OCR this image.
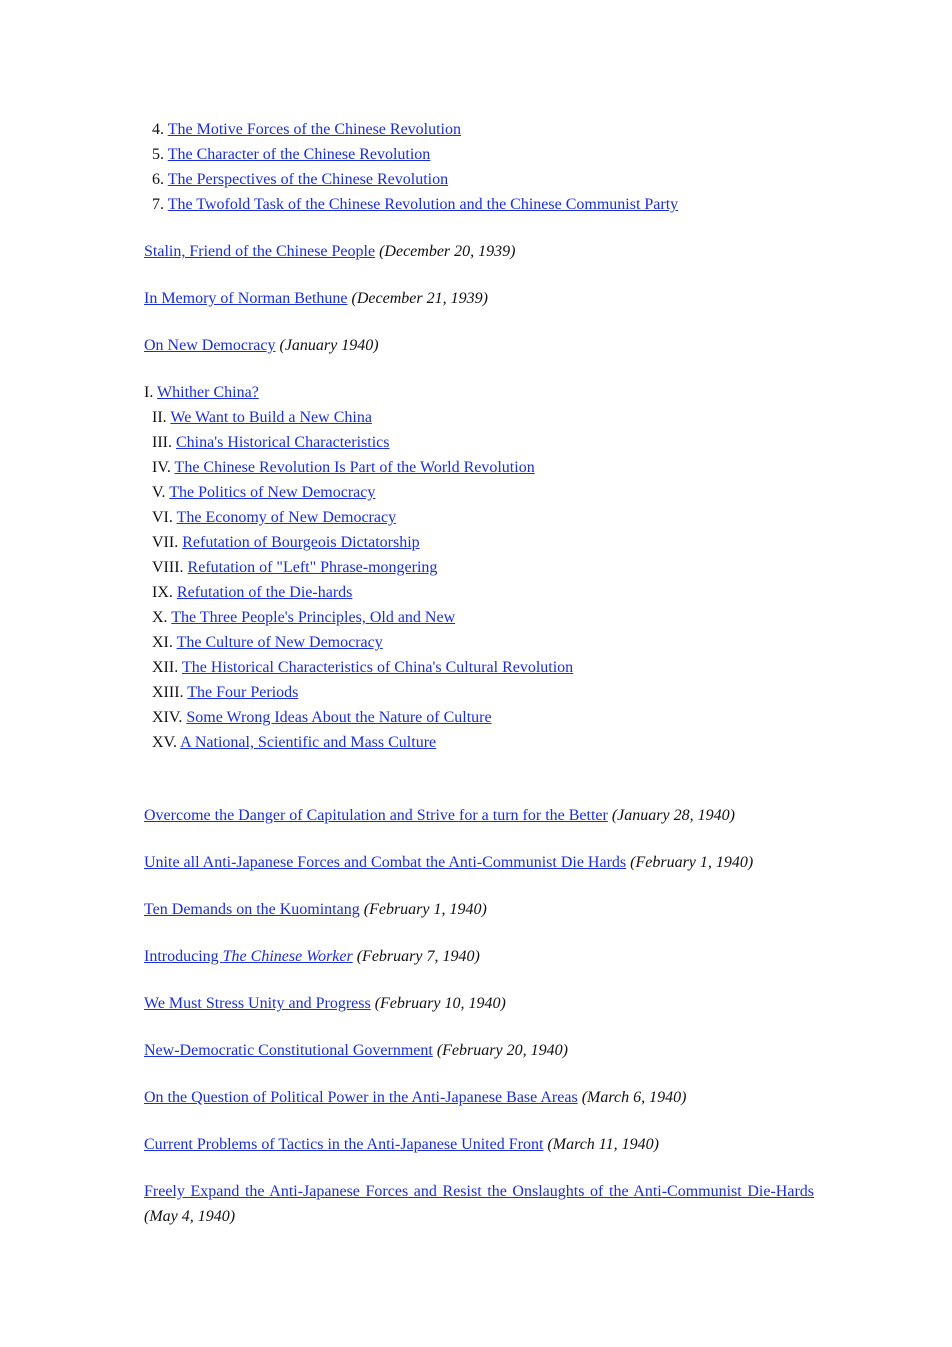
4. The Motive Forces of the Chinese Revolution
5. The Character of the Chinese Revolution
6. The Perspectives of the Chinese Revolution
7. The Twofold Task of the Chinese Revolution and the Chinese Communist Party

Stalin, Friend of the Chinese People (December 20, 1939)

In Memory of Norman Bethune (December 21, 1939)

On New Democracy (January 1940)

I. Whither China?
II. We Want to Build a New China
III. China's Historical Characteristics
IV. The Chinese Revolution Is Part of the World Revolution
V. The Politics of New Democracy
VI. The Economy of New Democracy
VII. Refutation of Bourgeois Dictatorship
VIII. Refutation of "Left" Phrase-mongering
IX. Refutation of the Die-hards
X. The Three People's Principles, Old and New
XI. The Culture of New Democracy
XII. The Historical Characteristics of China's Cultural Revolution
XIII. The Four Periods
XIV. Some Wrong Ideas About the Nature of Culture
XV. A National, Scientific and Mass Culture

Overcome the Danger of Capitulation and Strive for a turn for the Better (January 28, 1940)

Unite all Anti-Japanese Forces and Combat the Anti-Communist Die Hards (February 1, 1940)

Ten Demands on the Kuomintang (February 1, 1940)

Introducing The Chinese Worker (February 7, 1940)

We Must Stress Unity and Progress (February 10, 1940)

New-Democratic Constitutional Government (February 20, 1940)

On the Question of Political Power in the Anti-Japanese Base Areas (March 6, 1940)

Current Problems of Tactics in the Anti-Japanese United Front (March 11, 1940)

Freely Expand the Anti-Japanese Forces and Resist the Onslaughts of the Anti-Communist Die-Hards (May 4, 1940)
